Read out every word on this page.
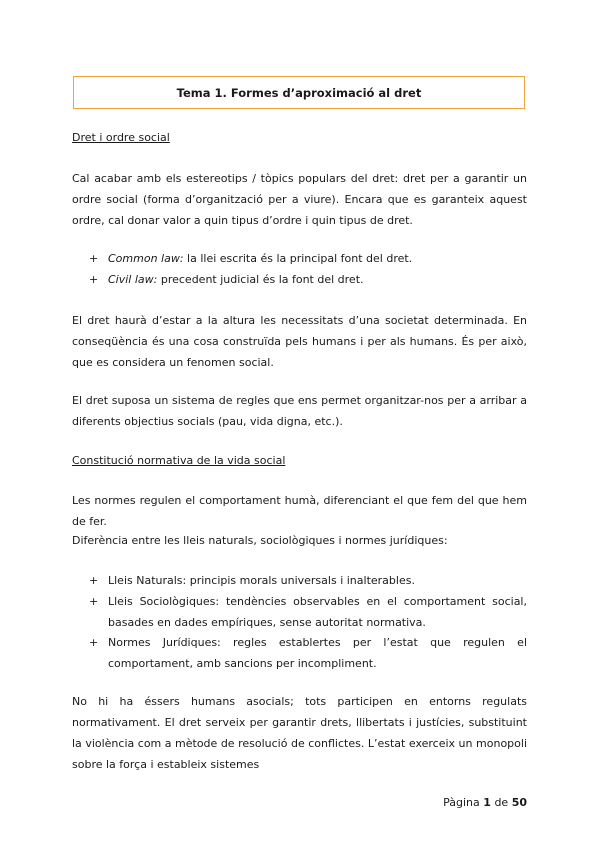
Tema 1. Formes d’aproximació al dret

Dret i ordre social

Cal acabar amb els estereotips / tòpics populars del dret: dret per a garantir un ordre social (forma d’organització per a viure). Encara que es garanteix aquest ordre, cal donar valor a quin tipus d’ordre i quin tipus de dret.

+ Common law: la llei escrita és la principal font del dret.
+ Civil law: precedent judicial és la font del dret.

El dret haurà d’estar a la altura les necessitats d’una societat determinada. En conseqüència és una cosa construïda pels humans i per als humans. És per això, que es considera un fenomen social.

El dret suposa un sistema de regles que ens permet organitzar-nos per a arribar a diferents objectius socials (pau, vida digna, etc.).

Constitució normativa de la vida social

Les normes regulen el comportament humà, diferenciant el que fem del que hem de fer.

Diferència entre les lleis naturals, sociològiques i normes jurídiques:

+ Lleis Naturals: principis morals universals i inalterables.
+ Lleis Sociològiques: tendències observables en el comportament social, basades en dades empíriques, sense autoritat normativa.
+ Normes Jurídiques: regles establertes per l’estat que regulen el comportament, amb sancions per incompliment.

No hi ha éssers humans asocials; tots participen en entorns regulats normativament. El dret serveix per garantir drets, llibertats i justícies, substituint la violència com a mètode de resolució de conflictes. L’estat exerceix un monopoli sobre la força i estableix sistemes

Pàgina 1 de 50
